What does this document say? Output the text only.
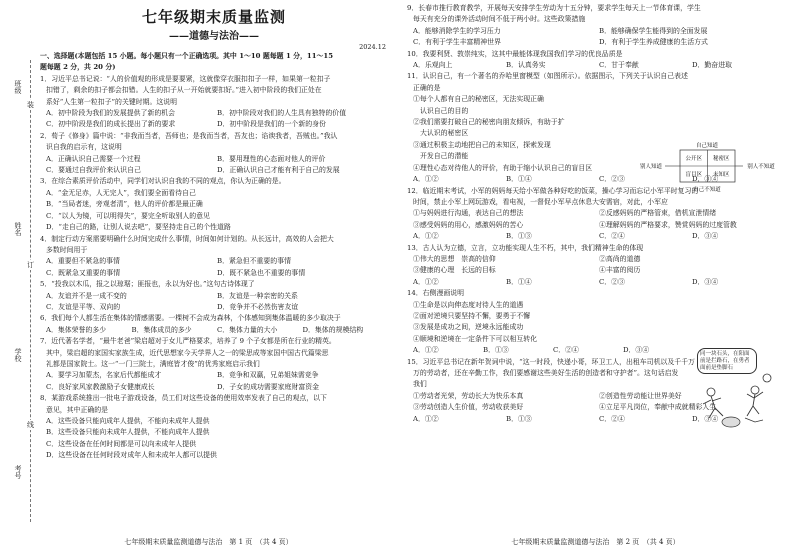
班级
姓名
学校
考号
装
订
线
七年级期末质量监测
——道德与法治——
2024.12
一、选择题(本题包括 15 小题。每小题只有一个正确选项。其中 1～10 题每题 1 分，11～15
题每题 2 分，共 20 分)
1．习近平总书记说：“人的价值观的形成是要要紧，这就像穿衣服扣扣子一样，如果第一粒扣子
扣错了，剩余的扣子都会扣错。人生的扣子从一开始就要扣好。”进入初中阶段的我们正处在
系好“人生第一粒扣子”的关键时期。这说明
A．初中阶段为我们的发展提供了新的机会	B．初中阶段对我们的人生具有独特的价值
C．初中阶段是我们的成长提出了新的要求	D．初中阶段是我们的一个新的身份
2．荀子《修身》篇中说：“非我而当者，吾师也；是我而当者，吾友也；谄谀我者，吾贼也。”我认
识自我的启示有，这说明
A．正确认识自己需要一个过程	B．要用理性的心态面对他人的评价
C．要通过自我评价来认识自己	D．正确认识自己才能有利于自己的发展
3．在综合素质评价活动中，同学们对认识自我的不同的观点，你认为正确的是。
A．“金无足赤，人无完人”，我们要全面看待自己
B．“当局者迷，旁观者清”，他人的评价都是最正确
C．“以人为镜，可以明得失”，要完全听取别人的意见
D．“走自己的路，让别人说去吧”，要坚持走自己的个性道路
4．制定行动方案需要明确什么时间完成什么事情，时间如何计划的。从长远计，高效的人会把大
多数时间用于
A．重要但不紧急的事情	B．紧急但不重要的事情
C．既紧急又重要的事情	D．既不紧急也不重要的事情
5．“投我以木瓜，报之以琼琚；匪报也，永以为好也。”这句古诗体现了
A．友谊并不是一成不变的	B．友谊是一种亲密的关系
C．友谊是平等、双向的	D．竞争并不必然伤害友谊
6．我们每个人都生活在集体的情感需要。一棵树不会成为森林，个体感知到集体温暖的多少取决于
A．集体荣誉的多少	B．集体成员的多少	C．集体力量的大小	D．集体的规模结构
7．近代著名学者，“最牛老爸”梁启超对于女儿严格要求，培养了 9 个子女都是所在行业的精英。
其中，梁启超的家国实家族生成，近代思想家今天学界人之一的梁思成等家国中国古代篇梁思
礼都是国家院士。这一“一门三院士，满庭皆才俊”的优秀家庭启示我们
A．要学习加蒙杰，名家后代都能成才	B．竞争和双赢，兄弟姐妹需竞争
C．良好家风家教激励子女健康成长	D．子女的成功需要家庭财富资金
8．某游戏系统推出一批电子游戏设备，员工们对这些设备的使用效率发表了自己的观点，以下
意见，其中正确的是
A．这些设备只能向成年人提供，不能向未成年人提供
B．这些设备只能向未成年人提供，不能向成年人提供
C．这些设备在任何时间都是可以向未成年人提供
D．这些设备在任何时段对成年人和未成年人都可以提供
七年级期末质量监测道德与法治　第 1 页　（共 4 页）
9．长春市推行教育教学，开展每天安排学生劳动为十五分钟，要求学生每天上一节体育课，学生
每天有充分的课外活动时间不低于两小时。这些政策措施
A．能够消除学生的学习压力	B．能够确保学生能得到的全面发展
C．有利于学生丰富精神世界	D．有利于学生养成健康的生活方式
10．我要利贤、敦崇纯实，这其中最能体现我国我们学习的优良品质是
A．乐观向上	B．认真务实	C．甘于奉献	D．勤奋进取
11．认识自己，有一个著名的乔哈里窗模型（如图所示）。依据图示，下列关于认识自己表述
正确的是
①每个人都有自己的秘密区，无法实现正确
认识自己的目的
②我们需要打破自己的秘密向朋友倾诉，有助于扩
大认识的秘密区
③通过积极主动地把自己的未知区，探索发现
开发自己的潜能
④理性心态对待他人的评价，有助于缩小认识自己的盲目区
A．①②	B．①④	C．②③	D．③④
12．临近期末考试，小军的妈妈每天给小军做各种好吃的饭菜，操心学习而忘记小军平时复习的
时间，禁止小军上网玩游戏，看电视，一督促小军早点休息大安需宿，对此，小军应
①与妈妈进行沟通，表达自己的想法	②反感妈妈的严格管束，借机宣泄情绪
③感受妈妈的用心，感激妈妈的苦心	④理解妈妈的严格要求，赞赏妈妈的过度管教
A．①②	B．①③	C．②④	D．③④
13．古人认为立德，立言，立功能实现人生不朽，其中，我们精神生命的体现
①伟大的思想　崇高的信仰	②高尚的道德
③健康的心理　长远的目标	④丰富的阅历
A．①②	B．①④	C．②③	D．③④
14．右侧漫画说明
①生命是以向伸态度对待人生的道遇
②面对逆境只要坚持不懈，要勇于不懈
③发展是成功之间，逆境永远能成功
④顺境和逆境在一定条件下可以相互转化
A．①②	B．①③	C．②④	D．③④
15．习近平总书记在新年贺词中说，“这一时段，快递小哥，环卫工人，出租车司机以及千千万
万的劳动者，还在辛勤工作，我们要感谢这些美好生活的创造者和守护者”。这句话启发
我们
①劳动者光荣，劳动长大为快乐本真	②创造性劳动能让世界美好
③劳动创造人生价值，劳动收获美好	④立足平凡岗位，奉献中成就精彩人生
A．①②	B．①③	C．②④	D．③④
自己知道
自己不知道
别人知道	别人不知道
公开区 秘密区
盲目区 未知区
同一块石头，在阳面前是拦路石，在勇者面前是垫脚石
七年级期末质量监测道德与法治　第 2 页　（共 4 页）
